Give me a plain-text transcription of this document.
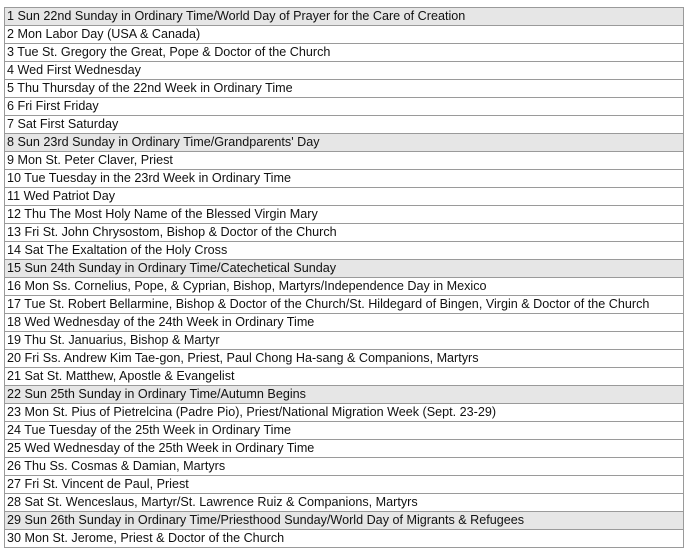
1 Sun 22nd Sunday in Ordinary Time/World Day of Prayer for the Care of Creation
2 Mon Labor Day (USA & Canada)
3 Tue St. Gregory the Great, Pope & Doctor of the Church
4 Wed First Wednesday
5 Thu Thursday of the 22nd Week in Ordinary Time
6 Fri First Friday
7 Sat First Saturday
8 Sun 23rd Sunday in Ordinary Time/Grandparents' Day
9 Mon St. Peter Claver, Priest
10 Tue Tuesday in the 23rd Week in Ordinary Time
11 Wed Patriot Day
12 Thu The Most Holy Name of the Blessed Virgin Mary
13 Fri St. John Chrysostom, Bishop & Doctor of the Church
14 Sat The Exaltation of the Holy Cross
15 Sun 24th Sunday in Ordinary Time/Catechetical Sunday
16 Mon Ss. Cornelius, Pope, & Cyprian, Bishop, Martyrs/Independence Day in Mexico
17 Tue St. Robert Bellarmine, Bishop & Doctor of the Church/St. Hildegard of Bingen, Virgin & Doctor of the Church
18 Wed Wednesday of the 24th Week in Ordinary Time
19 Thu St. Januarius, Bishop & Martyr
20 Fri Ss. Andrew Kim Tae-gon, Priest, Paul Chong Ha-sang & Companions, Martyrs
21 Sat St. Matthew, Apostle & Evangelist
22 Sun 25th Sunday in Ordinary Time/Autumn Begins
23 Mon St. Pius of Pietrelcina (Padre Pio), Priest/National Migration Week (Sept. 23-29)
24 Tue Tuesday of the 25th Week in Ordinary Time
25 Wed Wednesday of the 25th Week in Ordinary Time
26 Thu Ss. Cosmas & Damian, Martyrs
27 Fri St. Vincent de Paul, Priest
28 Sat St. Wenceslaus, Martyr/St. Lawrence Ruiz & Companions, Martyrs
29 Sun 26th Sunday in Ordinary Time/Priesthood Sunday/World Day of Migrants & Refugees
30 Mon St. Jerome, Priest & Doctor of the Church
